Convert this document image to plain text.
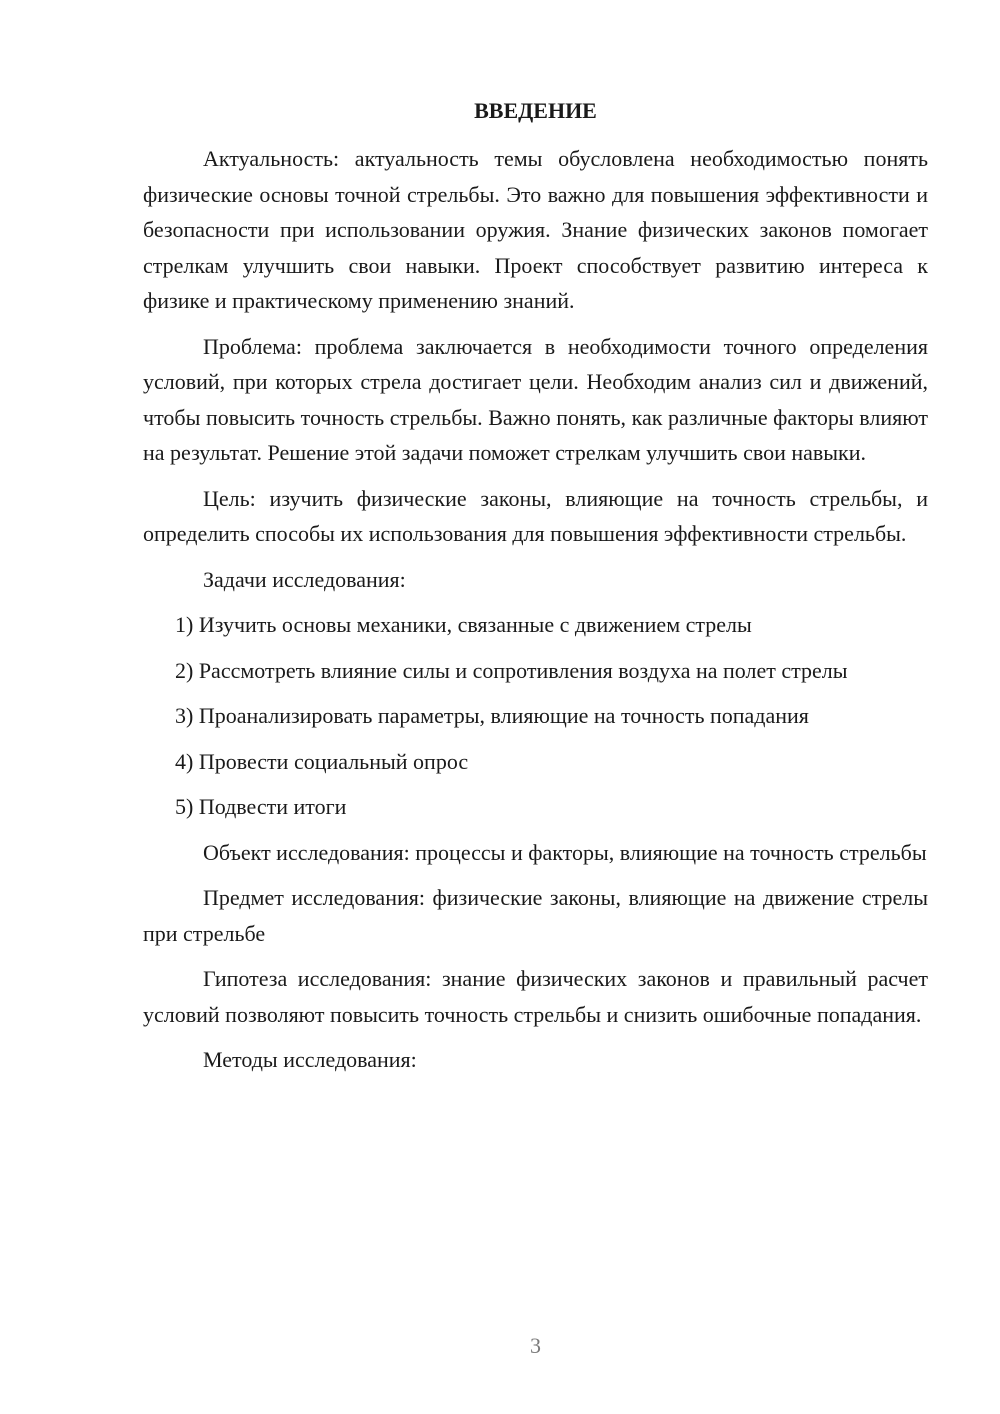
ВВЕДЕНИЕ

Актуальность: актуальность темы обусловлена необходимостью понять физические основы точной стрельбы. Это важно для повышения эффективности и безопасности при использовании оружия. Знание физических законов помогает стрелкам улучшить свои навыки. Проект способствует развитию интереса к физике и практическому применению знаний.

Проблема: проблема заключается в необходимости точного определения условий, при которых стрела достигает цели. Необходим анализ сил и движений, чтобы повысить точность стрельбы. Важно понять, как различные факторы влияют на результат. Решение этой задачи поможет стрелкам улучшить свои навыки.

Цель: изучить физические законы, влияющие на точность стрельбы, и определить способы их использования для повышения эффективности стрельбы.

Задачи исследования:

1) Изучить основы механики, связанные с движением стрелы

2) Рассмотреть влияние силы и сопротивления воздуха на полет стрелы

3) Проанализировать параметры, влияющие на точность попадания

4) Провести социальный опрос

5) Подвести итоги

Объект исследования: процессы и факторы, влияющие на точность стрельбы

Предмет исследования: физические законы, влияющие на движение стрелы при стрельбе

Гипотеза исследования: знание физических законов и правильный расчет условий позволяют повысить точность стрельбы и снизить ошибочные попадания.

Методы исследования:

3
